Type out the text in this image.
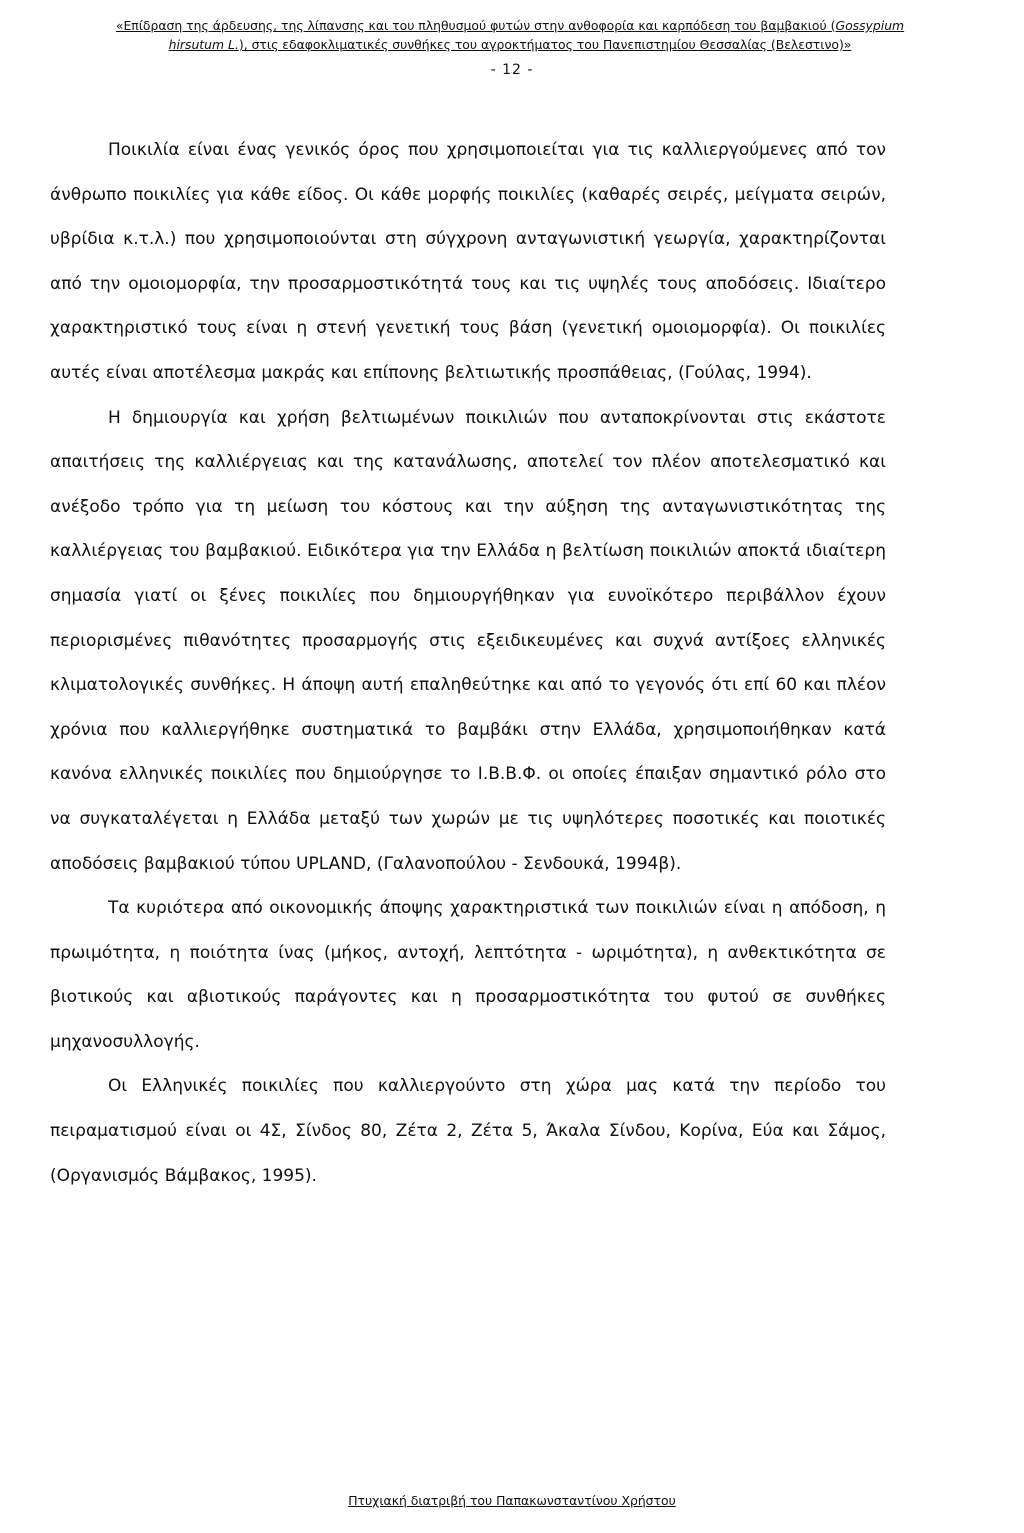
«Επίδραση της άρδευσης, της λίπανσης και του πληθυσμού φυτών στην ανθοφορία και καρπόδεση του βαμβακιού (Gossypium
hirsutum L.), στις εδαφοκλιματικές συνθήκες του αγροκτήματος του Πανεπιστημίου Θεσσαλίας (Βελεστινο)»
- 12 -

Ποικιλία είναι ένας γενικός όρος που χρησιμοποιείται για τις καλλιεργούμενες από τον άνθρωπο ποικιλίες για κάθε είδος. Οι κάθε μορφής ποικιλίες (καθαρές σειρές, μείγματα σειρών, υβρίδια κ.τ.λ.) που χρησιμοποιούνται στη σύγχρονη ανταγωνιστική γεωργία, χαρακτηρίζονται από την ομοιομορφία, την προσαρμοστικότητά τους και τις υψηλές τους αποδόσεις. Ιδιαίτερο χαρακτηριστικό τους είναι η στενή γενετική τους βάση (γενετική ομοιομορφία). Οι ποικιλίες αυτές είναι αποτέλεσμα μακράς και επίπονης βελτιωτικής προσπάθειας, (Γούλας, 1994).

Η δημιουργία και χρήση βελτιωμένων ποικιλιών που ανταποκρίνονται στις εκάστοτε απαιτήσεις της καλλιέργειας και της κατανάλωσης, αποτελεί τον πλέον αποτελεσματικό και ανέξοδο τρόπο για τη μείωση του κόστους και την αύξηση της ανταγωνιστικότητας της καλλιέργειας του βαμβακιού. Ειδικότερα για την Ελλάδα η βελτίωση ποικιλιών αποκτά ιδιαίτερη σημασία γιατί οι ξένες ποικιλίες που δημιουργήθηκαν για ευνοϊκότερο περιβάλλον έχουν περιορισμένες πιθανότητες προσαρμογής στις εξειδικευμένες και συχνά αντίξοες ελληνικές κλιματολογικές συνθήκες. Η άποψη αυτή επαληθεύτηκε και από το γεγονός ότι επί 60 και πλέον χρόνια που καλλιεργήθηκε συστηματικά το βαμβάκι στην Ελλάδα, χρησιμοποιήθηκαν κατά κανόνα ελληνικές ποικιλίες που δημιούργησε το Ι.Β.Β.Φ. οι οποίες έπαιξαν σημαντικό ρόλο στο να συγκαταλέγεται η Ελλάδα μεταξύ των χωρών με τις υψηλότερες ποσοτικές και ποιοτικές αποδόσεις βαμβακιού τύπου UPLAND, (Γαλανοπούλου - Σενδουκά, 1994β).

Τα κυριότερα από οικονομικής άποψης χαρακτηριστικά των ποικιλιών είναι η απόδοση, η πρωιμότητα, η ποιότητα ίνας (μήκος, αντοχή, λεπτότητα - ωριμότητα), η ανθεκτικότητα σε βιοτικούς και αβιοτικούς παράγοντες και η προσαρμοστικότητα του φυτού σε συνθήκες μηχανοσυλλογής.

Οι Ελληνικές ποικιλίες που καλλιεργούντο στη χώρα μας κατά την περίοδο του πειραματισμού είναι οι 4Σ, Σίνδος 80, Ζέτα 2, Ζέτα 5, Άκαλα Σίνδου, Κορίνα, Εύα και Σάμος, (Οργανισμός Βάμβακος, 1995).

Πτυχιακή διατριβή του Παπακωνσταντίνου Χρήστου
